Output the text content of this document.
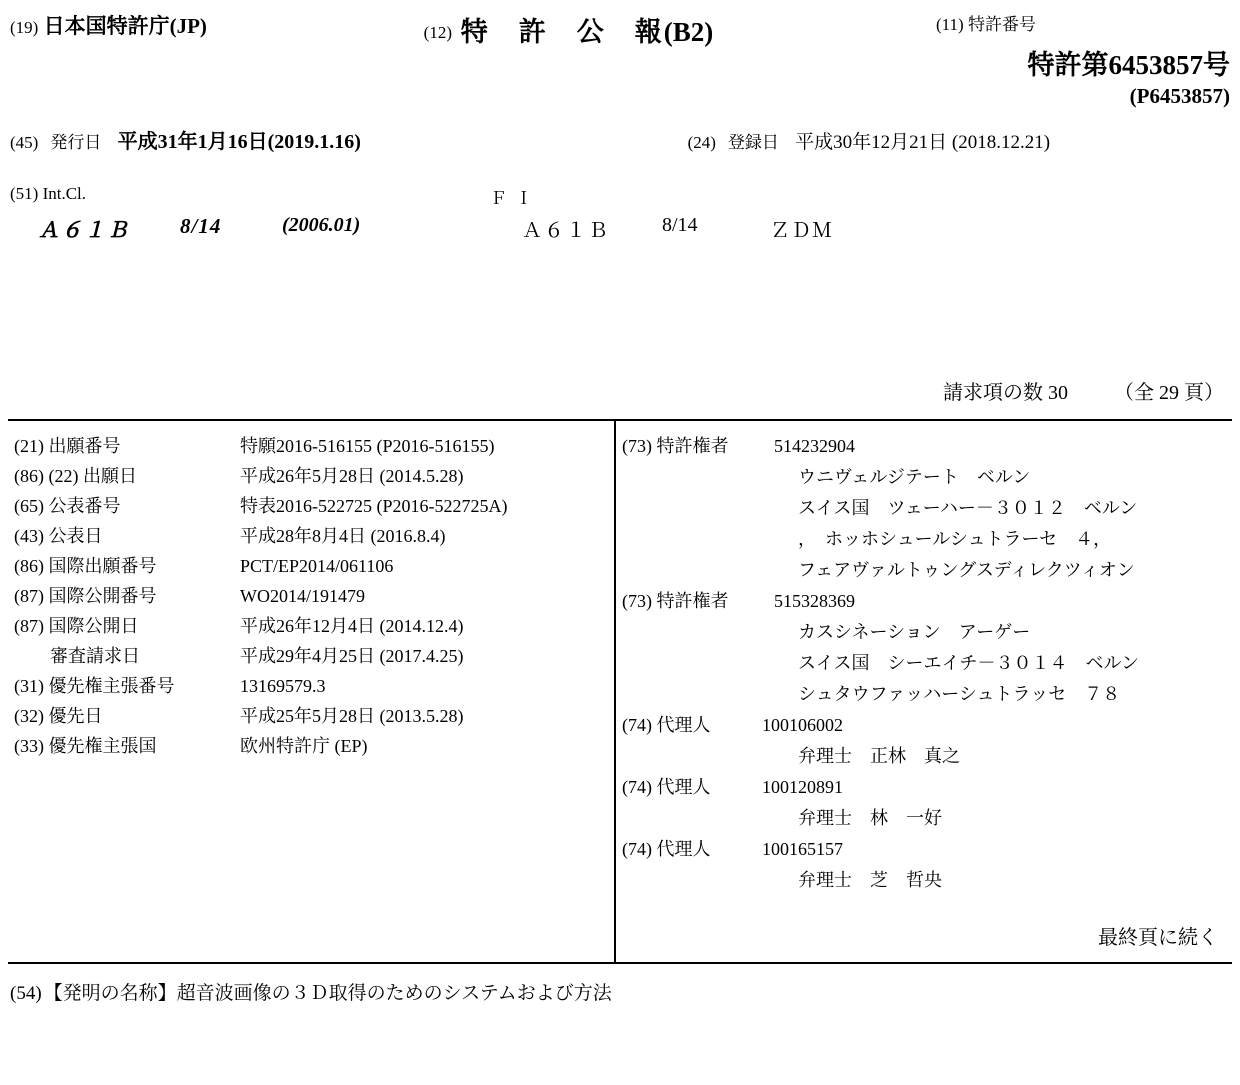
(19) 日本国特許庁(JP)	(12) 特　許　公　報(B2)	(11) 特許番号
特許第6453857号
(P6453857)
(45) 発行日 平成31年1月16日(2019.1.16)	(24) 登録日 平成30年12月21日 (2018.12.21)
(51) Int.Cl.	Ｆ Ｉ
Ａ６１Ｂ 8/14	(2006.01)	Ａ６１Ｂ	8/14	ＺＤＭ
請求項の数 30 （全 29 頁）
(21) 出願番号	特願2016-516155 (P2016-516155)
(86) (22) 出願日	平成26年5月28日 (2014.5.28)
(65) 公表番号	特表2016-522725 (P2016-522725A)
(43) 公表日	平成28年8月4日 (2016.8.4)
(86) 国際出願番号	PCT/EP2014/061106
(87) 国際公開番号	WO2014/191479
(87) 国際公開日	平成26年12月4日 (2014.12.4)
審査請求日	平成29年4月25日 (2017.4.25)
(31) 優先権主張番号	13169579.3
(32) 優先日	平成25年5月28日 (2013.5.28)
(33) 優先権主張国	欧州特許庁 (EP)
(73) 特許権者	514232904
ウニヴェルジテート　ベルン
スイス国　ツェーハー－３０１２　ベルン
，　ホッホシュールシュトラーセ　４，
フェアヴァルトゥングスディレクツィオン
(73) 特許権者	515328369
カスシネーション　アーゲー
スイス国　シーエイチ－３０１４　ベルン
シュタウファッハーシュトラッセ　７８
(74) 代理人	100106002
弁理士　正林　真之
(74) 代理人	100120891
弁理士　林　一好
(74) 代理人	100165157
弁理士　芝　哲央
最終頁に続く
(54) 【発明の名称】超音波画像の３Ｄ取得のためのシステムおよび方法
